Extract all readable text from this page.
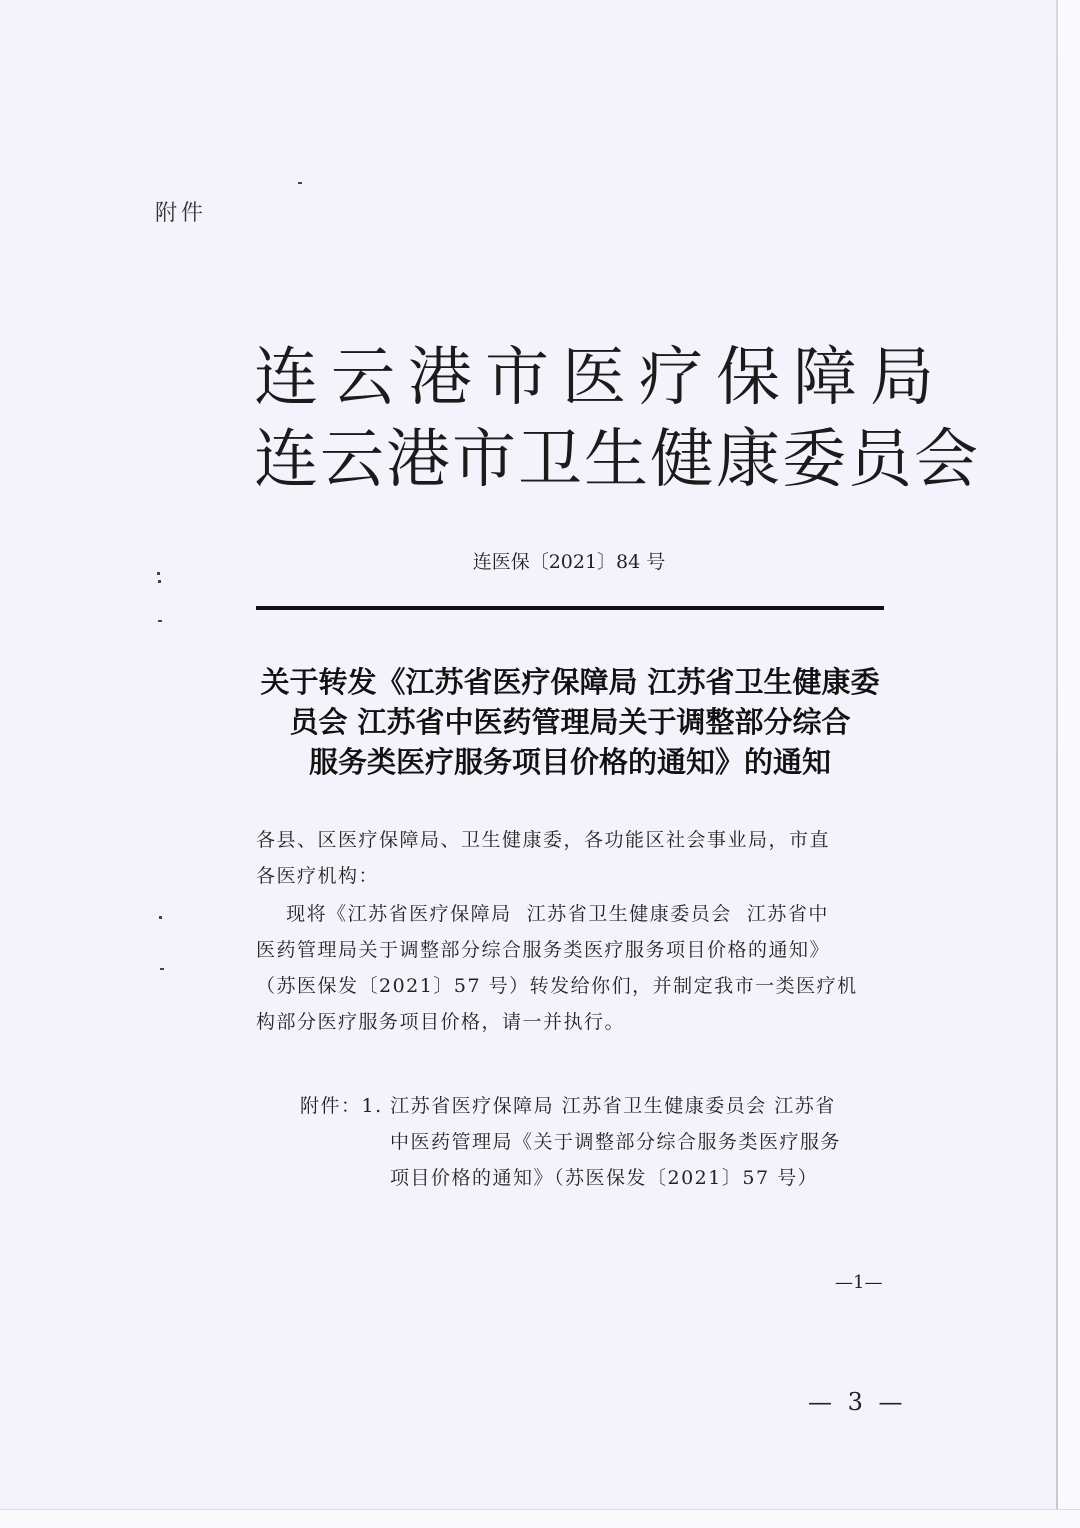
附件
连云港市医疗保障局
连云港市卫生健康委员会
连医保〔2021〕84 号
关于转发《江苏省医疗保障局 江苏省卫生健康委
员会 江苏省中医药管理局关于调整部分综合
服务类医疗服务项目价格的通知》的通知
各县、区医疗保障局、卫生健康委，各功能区社会事业局，市直
各医疗机构：
现将《江苏省医疗保障局  江苏省卫生健康委员会  江苏省中
医药管理局关于调整部分综合服务类医疗服务项目价格的通知》
（苏医保发〔2021〕57 号）转发给你们，并制定我市一类医疗机
构部分医疗服务项目价格，请一并执行。
附件：1. 江苏省医疗保障局 江苏省卫生健康委员会 江苏省
中医药管理局《关于调整部分综合服务类医疗服务
项目价格的通知》（苏医保发〔2021〕57 号）
—1—
— 3 —
